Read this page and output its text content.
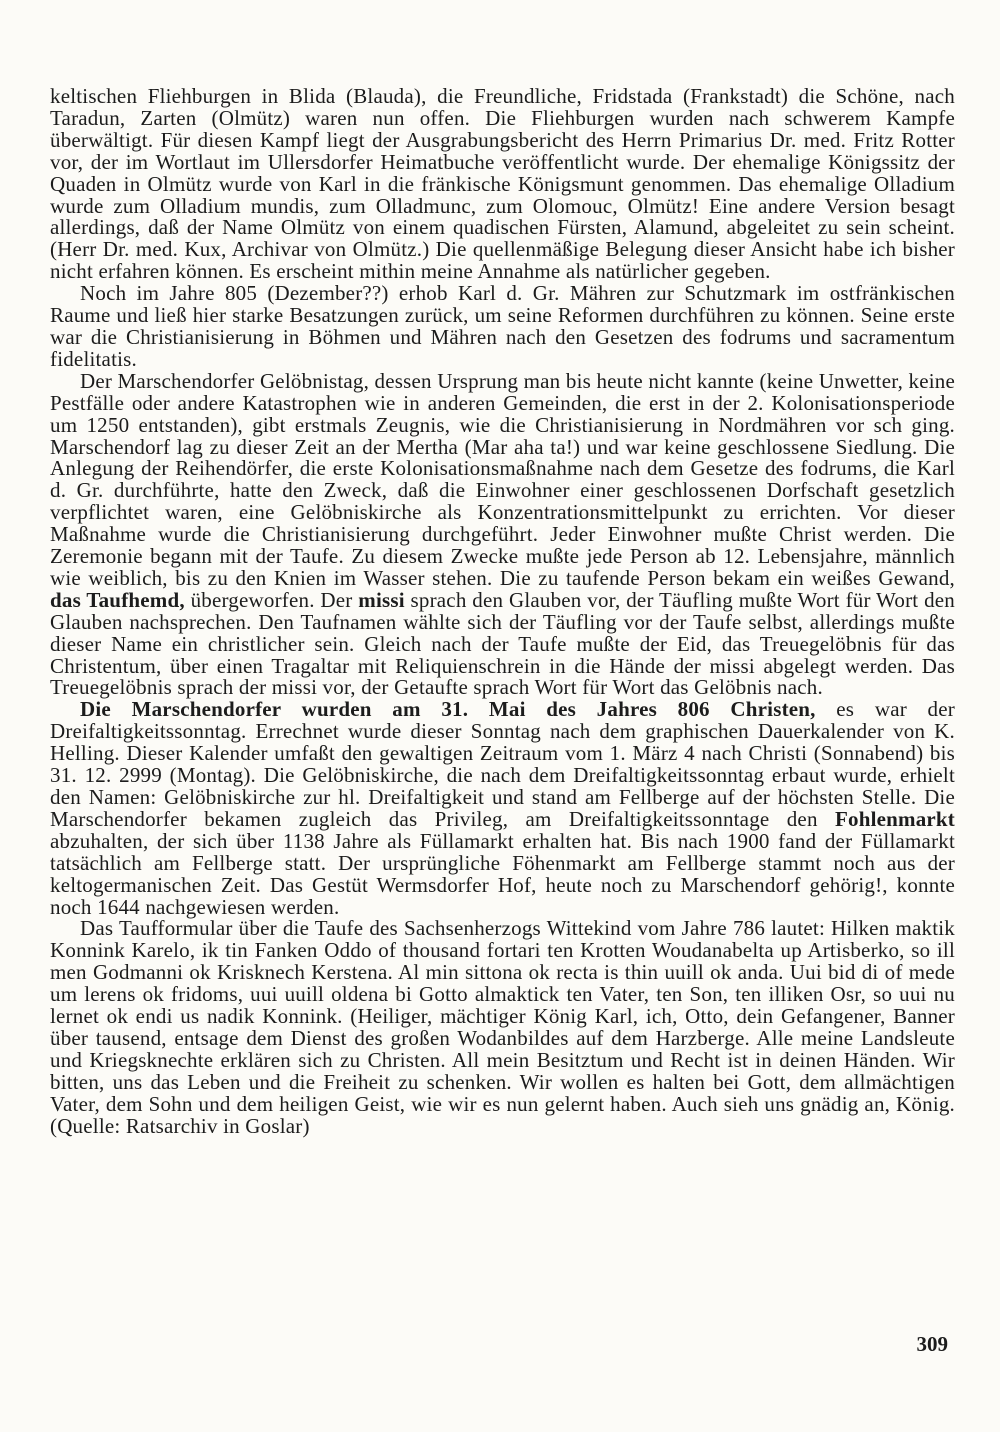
keltischen Fliehburgen in Blida (Blauda), die Freundliche, Fridstada (Frankstadt) die Schöne, nach Taradun, Zarten (Olmütz) waren nun offen. Die Fliehburgen wurden nach schwerem Kampfe überwältigt. Für diesen Kampf liegt der Ausgrabungsbericht des Herrn Primarius Dr. med. Fritz Rotter vor, der im Wortlaut im Ullersdorfer Heimatbuche veröffentlicht wurde. Der ehemalige Königssitz der Quaden in Olmütz wurde von Karl in die fränkische Königsmunt genommen. Das ehemalige Olladium wurde zum Olladium mundis, zum Olladmunc, zum Olomouc, Olmütz! Eine andere Version besagt allerdings, daß der Name Olmütz von einem quadischen Fürsten, Alamund, abgeleitet zu sein scheint. (Herr Dr. med. Kux, Archivar von Olmütz.) Die quellenmäßige Belegung dieser Ansicht habe ich bisher nicht erfahren können. Es erscheint mithin meine Annahme als natürlicher gegeben.

Noch im Jahre 805 (Dezember??) erhob Karl d. Gr. Mähren zur Schutzmark im ostfränkischen Raume und ließ hier starke Besatzungen zurück, um seine Reformen durchführen zu können. Seine erste war die Christianisierung in Böhmen und Mähren nach den Gesetzen des fodrums und sacramentum fidelitatis.

Der Marschendorfer Gelöbnistag, dessen Ursprung man bis heute nicht kannte (keine Unwetter, keine Pestfälle oder andere Katastrophen wie in anderen Gemeinden, die erst in der 2. Kolonisationsperiode um 1250 entstanden), gibt erstmals Zeugnis, wie die Christianisierung in Nordmähren vor sch ging. Marschendorf lag zu dieser Zeit an der Mertha (Mar aha ta!) und war keine geschlossene Siedlung. Die Anlegung der Reihendörfer, die erste Kolonisationsmaßnahme nach dem Gesetze des fodrums, die Karl d. Gr. durchführte, hatte den Zweck, daß die Einwohner einer geschlossenen Dorfschaft gesetzlich verpflichtet waren, eine Gelöbniskirche als Konzentrationsmittelpunkt zu errichten. Vor dieser Maßnahme wurde die Christianisierung durchgeführt. Jeder Einwohner mußte Christ werden. Die Zeremonie begann mit der Taufe. Zu diesem Zwecke mußte jede Person ab 12. Lebensjahre, männlich wie weiblich, bis zu den Knien im Wasser stehen. Die zu taufende Person bekam ein weißes Gewand, das Taufhemd, übergeworfen. Der missi sprach den Glauben vor, der Täufling mußte Wort für Wort den Glauben nachsprechen. Den Taufnamen wählte sich der Täufling vor der Taufe selbst, allerdings mußte dieser Name ein christlicher sein. Gleich nach der Taufe mußte der Eid, das Treuegelöbnis für das Christentum, über einen Tragaltar mit Reliquienschrein in die Hände der missi abgelegt werden. Das Treuegelöbnis sprach der missi vor, der Getaufte sprach Wort für Wort das Gelöbnis nach.

Die Marschendorfer wurden am 31. Mai des Jahres 806 Christen, es war der Dreifaltigkeitssonntag. Errechnet wurde dieser Sonntag nach dem graphischen Dauerkalender von K. Helling. Dieser Kalender umfaßt den gewaltigen Zeitraum vom 1. März 4 nach Christi (Sonnabend) bis 31. 12. 2999 (Montag). Die Gelöbniskirche, die nach dem Dreifaltigkeitssonntag erbaut wurde, erhielt den Namen: Gelöbniskirche zur hl. Dreifaltigkeit und stand am Fellberge auf der höchsten Stelle. Die Marschendorfer bekamen zugleich das Privileg, am Dreifaltigkeitssonntage den Fohlenmarkt abzuhalten, der sich über 1138 Jahre als Füllamarkt erhalten hat. Bis nach 1900 fand der Füllamarkt tatsächlich am Fellberge statt. Der ursprüngliche Föhenmarkt am Fellberge stammt noch aus der keltogermanischen Zeit. Das Gestüt Wermsdorfer Hof, heute noch zu Marschendorf gehörig!, konnte noch 1644 nachgewiesen werden.

Das Taufformular über die Taufe des Sachsenherzogs Wittekind vom Jahre 786 lautet: Hilken maktik Konnink Karelo, ik tin Fanken Oddo of thousand fortari ten Krotten Woudanabelta up Artisberko, so ill men Godmanni ok Krisknech Kerstena. Al min sittona ok recta is thin uuill ok anda. Uui bid di of mede um lerens ok fridoms, uui uuill oldena bi Gotto almaktick ten Vater, ten Son, ten illiken Osr, so uui nu lernet ok endi us nadik Konnink. (Heiliger, mächtiger König Karl, ich, Otto, dein Gefangener, Banner über tausend, entsage dem Dienst des großen Wodanbildes auf dem Harzberge. Alle meine Landsleute und Kriegsknechte erklären sich zu Christen. All mein Besitztum und Recht ist in deinen Händen. Wir bitten, uns das Leben und die Freiheit zu schenken. Wir wollen es halten bei Gott, dem allmächtigen Vater, dem Sohn und dem heiligen Geist, wie wir es nun gelernt haben. Auch sieh uns gnädig an, König. (Quelle: Ratsarchiv in Goslar)

309
